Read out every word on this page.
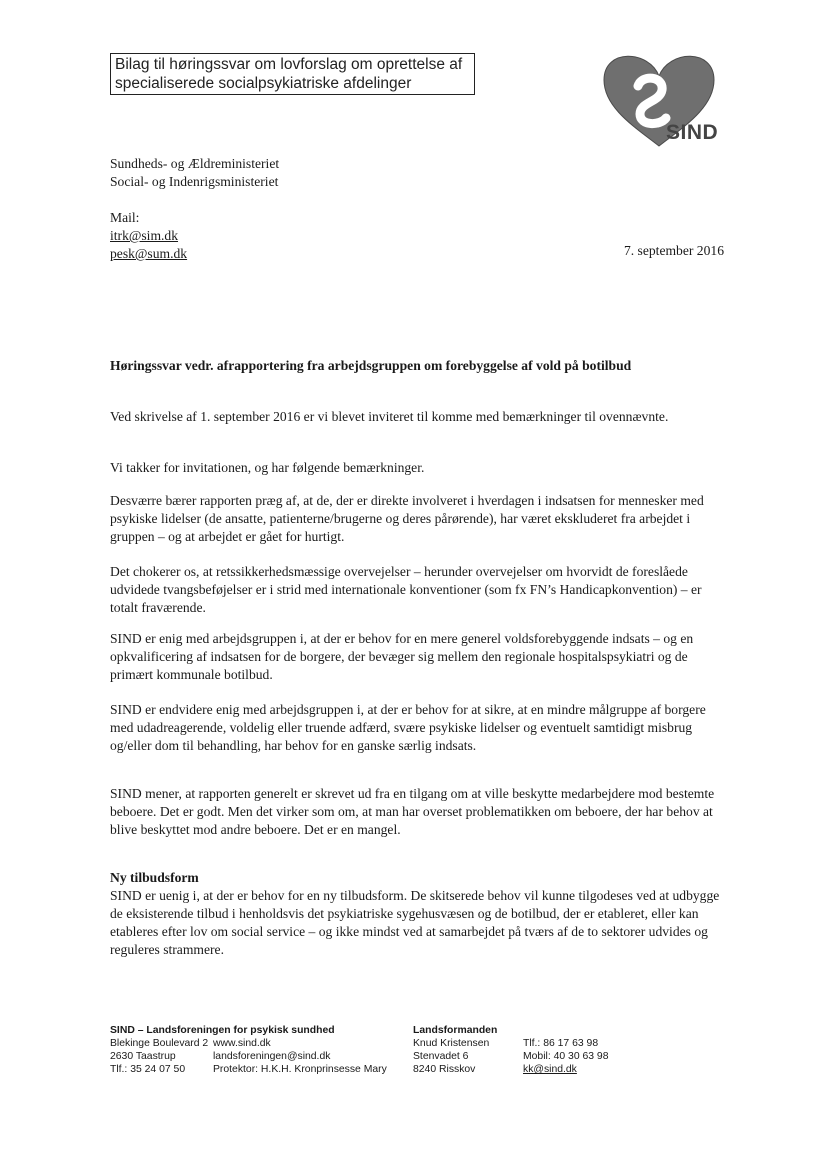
Bilag til høringssvar om lovforslag om oprettelse af
specialiserede socialpsykiatriske afdelinger
SIND
Sundheds- og Ældreministeriet
Social- og Indenrigsministeriet
Mail:
itrk@sim.dk
pesk@sum.dk	7. september 2016
Høringssvar vedr. afrapportering fra arbejdsgruppen om forebyggelse af vold på botilbud

Ved skrivelse af 1. september 2016 er vi blevet inviteret til komme med bemærkninger til ovennævnte.

Vi takker for invitationen, og har følgende bemærkninger.

Desværre bærer rapporten præg af, at de, der er direkte involveret i hverdagen i indsatsen for mennesker med psykiske lidelser (de ansatte, patienterne/brugerne og deres pårørende), har været ekskluderet fra arbejdet i gruppen – og at arbejdet er gået for hurtigt.

Det chokerer os, at retssikkerhedsmæssige overvejelser – herunder overvejelser om hvorvidt de foreslåede udvidede tvangsbeføjelser er i strid med internationale konventioner (som fx FN’s Handicapkonvention) – er totalt fraværende.

SIND er enig med arbejdsgruppen i, at der er behov for en mere generel voldsforebyggende indsats – og en opkvalificering af indsatsen for de borgere, der bevæger sig mellem den regionale hospitalspsykiatri og de primært kommunale botilbud.

SIND er endvidere enig med arbejdsgruppen i, at der er behov for at sikre, at en mindre målgruppe af borgere med udadreagerende, voldelig eller truende adfærd, svære psykiske lidelser og eventuelt samtidigt misbrug og/eller dom til behandling, har behov for en ganske særlig indsats.

SIND mener, at rapporten generelt er skrevet ud fra en tilgang om at ville beskytte medarbejdere mod bestemte beboere. Det er godt. Men det virker som om, at man har overset problematikken om beboere, der har behov at blive beskyttet mod andre beboere. Det er en mangel.

Ny tilbudsform

SIND er uenig i, at der er behov for en ny tilbudsform. De skitserede behov vil kunne tilgodeses ved at udbygge de eksisterende tilbud i henholdsvis det psykiatriske sygehusvæsen og de botilbud, der er etableret, eller kan etableres efter lov om social service – og ikke mindst ved at samarbejdet på tværs af de to sektorer udvides og reguleres strammere.

SIND – Landsforeningen for psykisk sundhed
Blekinge Boulevard 2
2630 Taastrup
Tlf.: 35 24 07 50
www.sind.dk
landsforeningen@sind.dk
Protektor: H.K.H. Kronprinsesse Mary
Landsformanden
Knud Kristensen
Stenvadet 6
8240 Risskov
Tlf.: 86 17 63 98
Mobil: 40 30 63 98
kk@sind.dk
